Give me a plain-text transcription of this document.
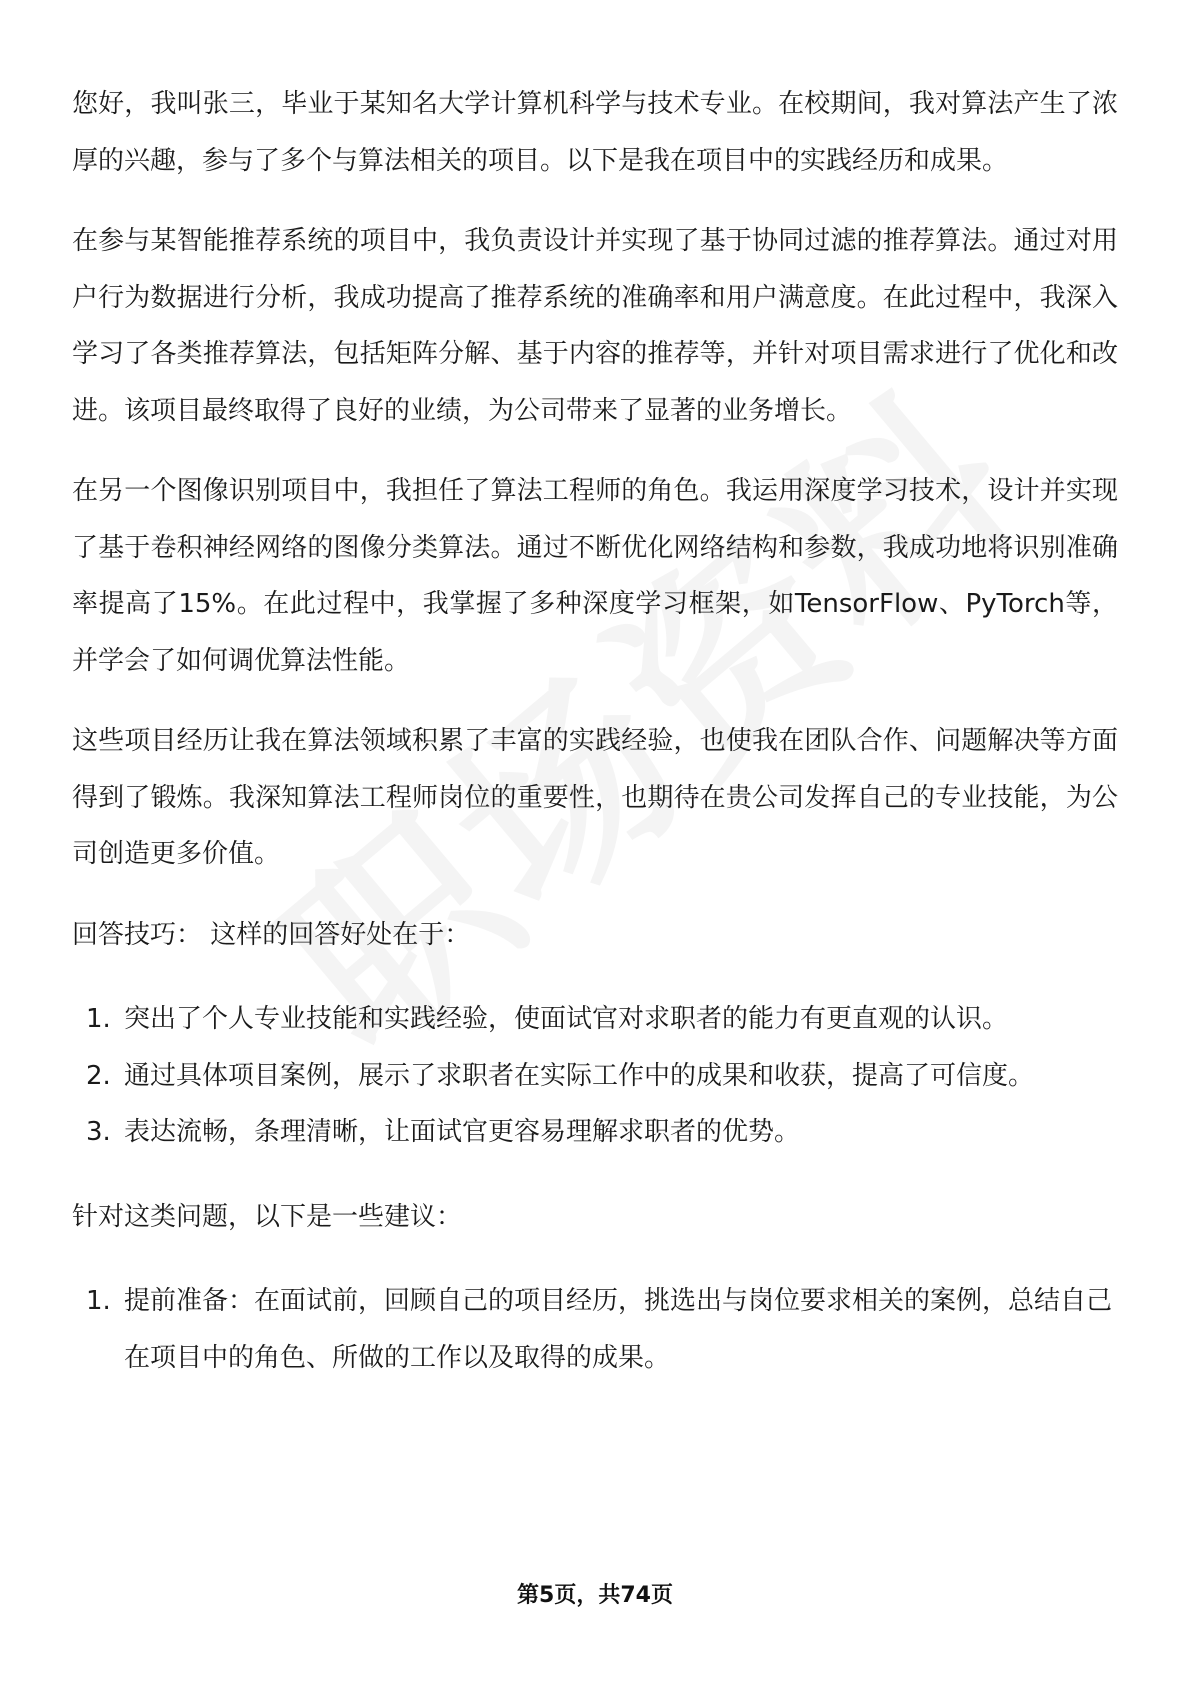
您好，我叫张三，毕业于某知名大学计算机科学与技术专业。在校期间，我对算法产生了浓厚的兴趣，参与了多个与算法相关的项目。以下是我在项目中的实践经历和成果。

在参与某智能推荐系统的项目中，我负责设计并实现了基于协同过滤的推荐算法。通过对用户行为数据进行分析，我成功提高了推荐系统的准确率和用户满意度。在此过程中，我深入学习了各类推荐算法，包括矩阵分解、基于内容的推荐等，并针对项目需求进行了优化和改进。该项目最终取得了良好的业绩，为公司带来了显著的业务增长。

在另一个图像识别项目中，我担任了算法工程师的角色。我运用深度学习技术，设计并实现了基于卷积神经网络的图像分类算法。通过不断优化网络结构和参数，我成功地将识别准确率提高了15%。在此过程中，我掌握了多种深度学习框架，如TensorFlow、PyTorch等，并学会了如何调优算法性能。

这些项目经历让我在算法领域积累了丰富的实践经验，也使我在团队合作、问题解决等方面得到了锻炼。我深知算法工程师岗位的重要性，也期待在贵公司发挥自己的专业技能，为公司创造更多价值。

回答技巧： 这样的回答好处在于：

1. 突出了个人专业技能和实践经验，使面试官对求职者的能力有更直观的认识。
2. 通过具体项目案例，展示了求职者在实际工作中的成果和收获，提高了可信度。
3. 表达流畅，条理清晰，让面试官更容易理解求职者的优势。

针对这类问题，以下是一些建议：

1. 提前准备：在面试前，回顾自己的项目经历，挑选出与岗位要求相关的案例，总结自己在项目中的角色、所做的工作以及取得的成果。
第5页，共74页
